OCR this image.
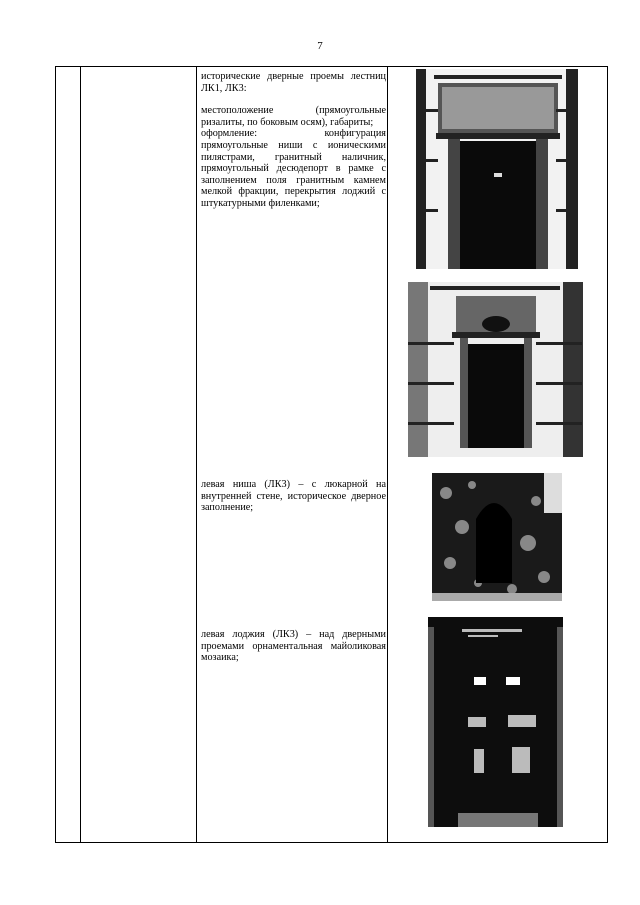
7

исторические дверные проемы лестниц ЛК1, ЛК3:

местоположение (прямоугольные ризалиты, по боковым осям), габариты;

оформление: конфигурация прямоугольные ниши с ионическими пилястрами, гранитный наличник, прямоугольный десюдепорт в рамке с заполнением поля гранитным камнем мелкой фракции, перекрытия лоджий с штукатурными филенками;

левая ниша (ЛК3) – с люкарной на внутренней стене, историческое дверное заполнение;

левая лоджия (ЛК3) – над дверными проемами орнаментальная майоликовая мозаика;
